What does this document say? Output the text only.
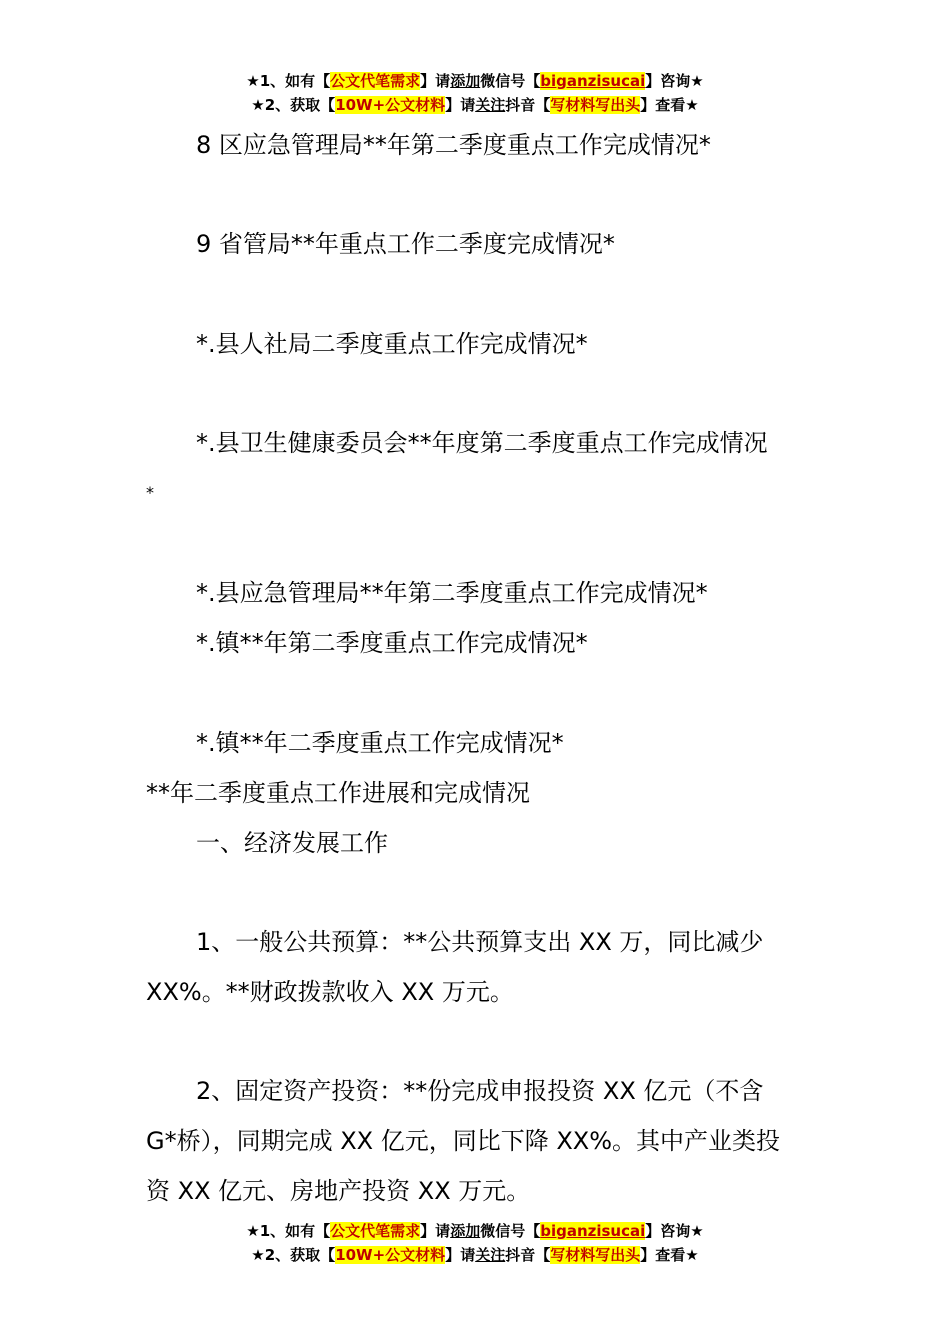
★1、如有【公文代笔需求】请添加微信号【biganzisucai】咨询★
★2、获取【10W+公文材料】请关注抖音【写材料写出头】查看★
8 区应急管理局**年第二季度重点工作完成情况*
9 省管局**年重点工作二季度完成情况*
*.县人社局二季度重点工作完成情况*
*.县卫生健康委员会**年度第二季度重点工作完成情况
*
*.县应急管理局**年第二季度重点工作完成情况*
*.镇**年第二季度重点工作完成情况*
*.镇**年二季度重点工作完成情况*
**年二季度重点工作进展和完成情况
一、经济发展工作
1、一般公共预算：**公共预算支出 XX 万，同比减少
XX%。**财政拨款收入 XX 万元。
2、固定资产投资：**份完成申报投资 XX 亿元（不含
G*桥），同期完成 XX 亿元，同比下降 XX%。其中产业类投
资 XX 亿元、房地产投资 XX 万元。
★1、如有【公文代笔需求】请添加微信号【biganzisucai】咨询★
★2、获取【10W+公文材料】请关注抖音【写材料写出头】查看★
